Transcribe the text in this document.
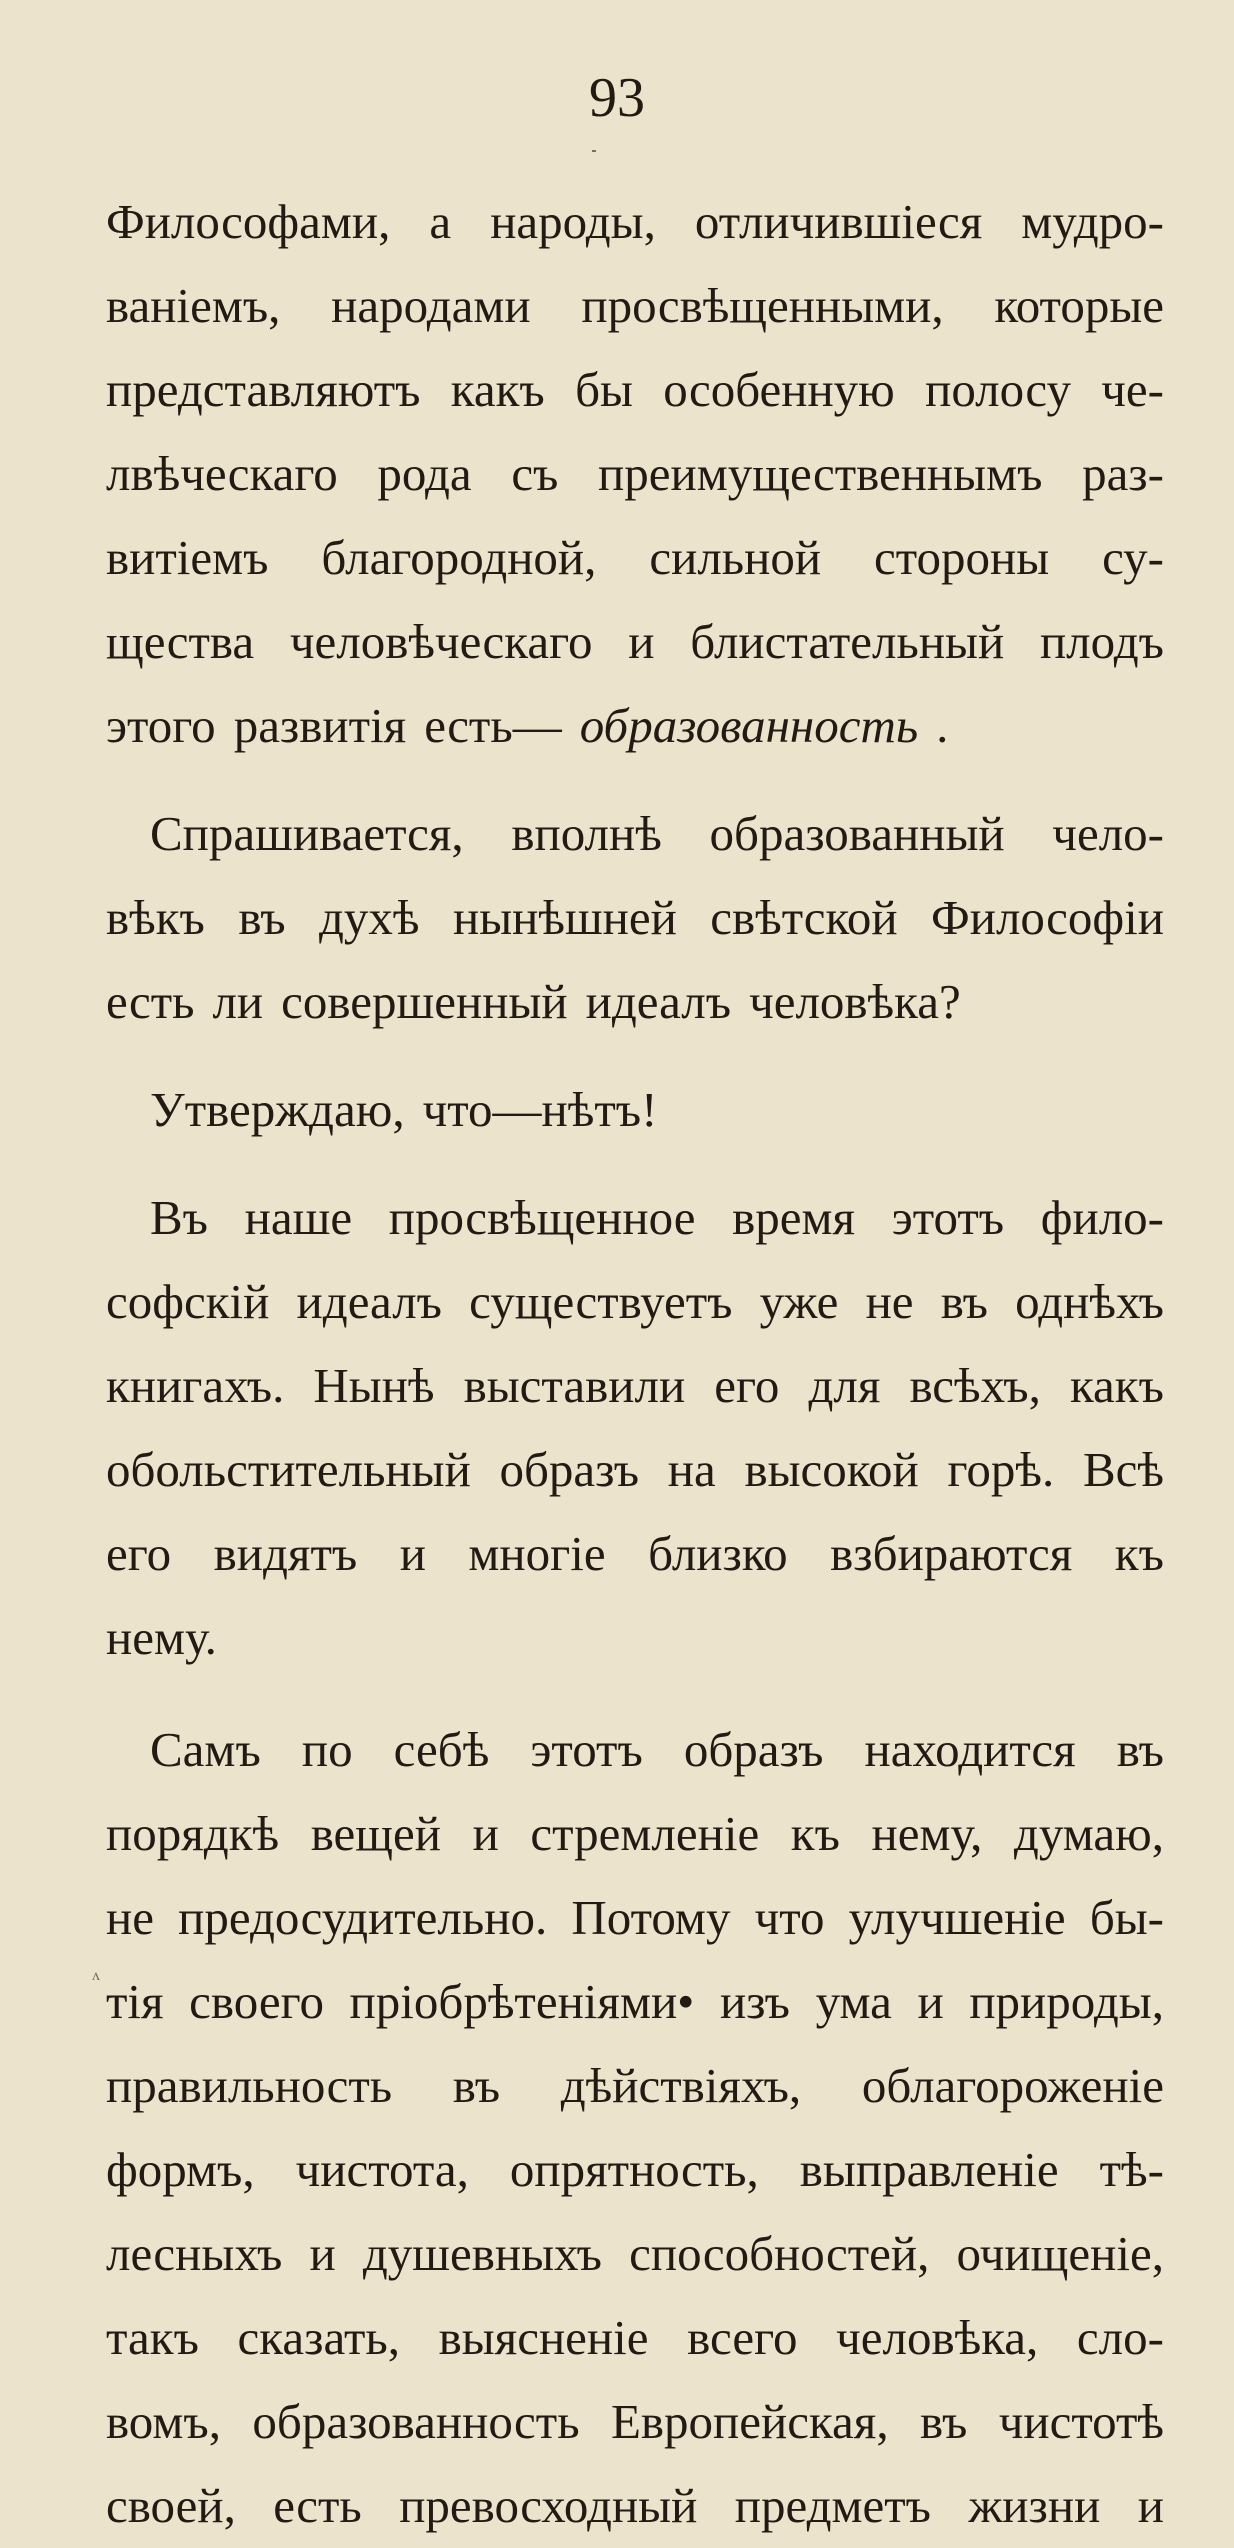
93
ʌ
Философами, а народы, отличившіеся мудро-
ваніемъ, народами просвѣщенными, которые
представляютъ какъ бы особенную полосу че-
лвѣческаго рода съ преимущественнымъ раз-
витіемъ благородной, сильной стороны су-
щества человѣческаго и блистательный плодъ
этого развитія есть— образованность .
Спрашивается, вполнѣ образованный чело-
вѣкъ въ духѣ нынѣшней свѣтской Философіи
есть ли совершенный идеалъ человѣка?
Утверждаю, что—нѣтъ!
Въ наше просвѣщенное время этотъ фило-
софскій идеалъ существуетъ уже не въ однѣхъ
книгахъ. Нынѣ выставили его для всѣхъ, какъ
обольстительный образъ на высокой горѣ. Всѣ
его видятъ и многіе близко взбираются къ
нему.
Самъ по себѣ этотъ образъ находится въ
порядкѣ вещей и стремленіе къ нему, думаю,
не предосудительно. Потому что улучшеніе бы-
тія своего пріобрѣтеніями• изъ ума и природы,
правильность въ дѣйствіяхъ, облагороженіе
формъ, чистота, опрятность, выправленіе тѣ-
лесныхъ и душевныхъ способностей, очищеніе,
такъ сказать, выясненіе всего человѣка, сло-
вомъ, образованность Европейская, въ чистотѣ
своей, есть превосходный предметъ жизни и
